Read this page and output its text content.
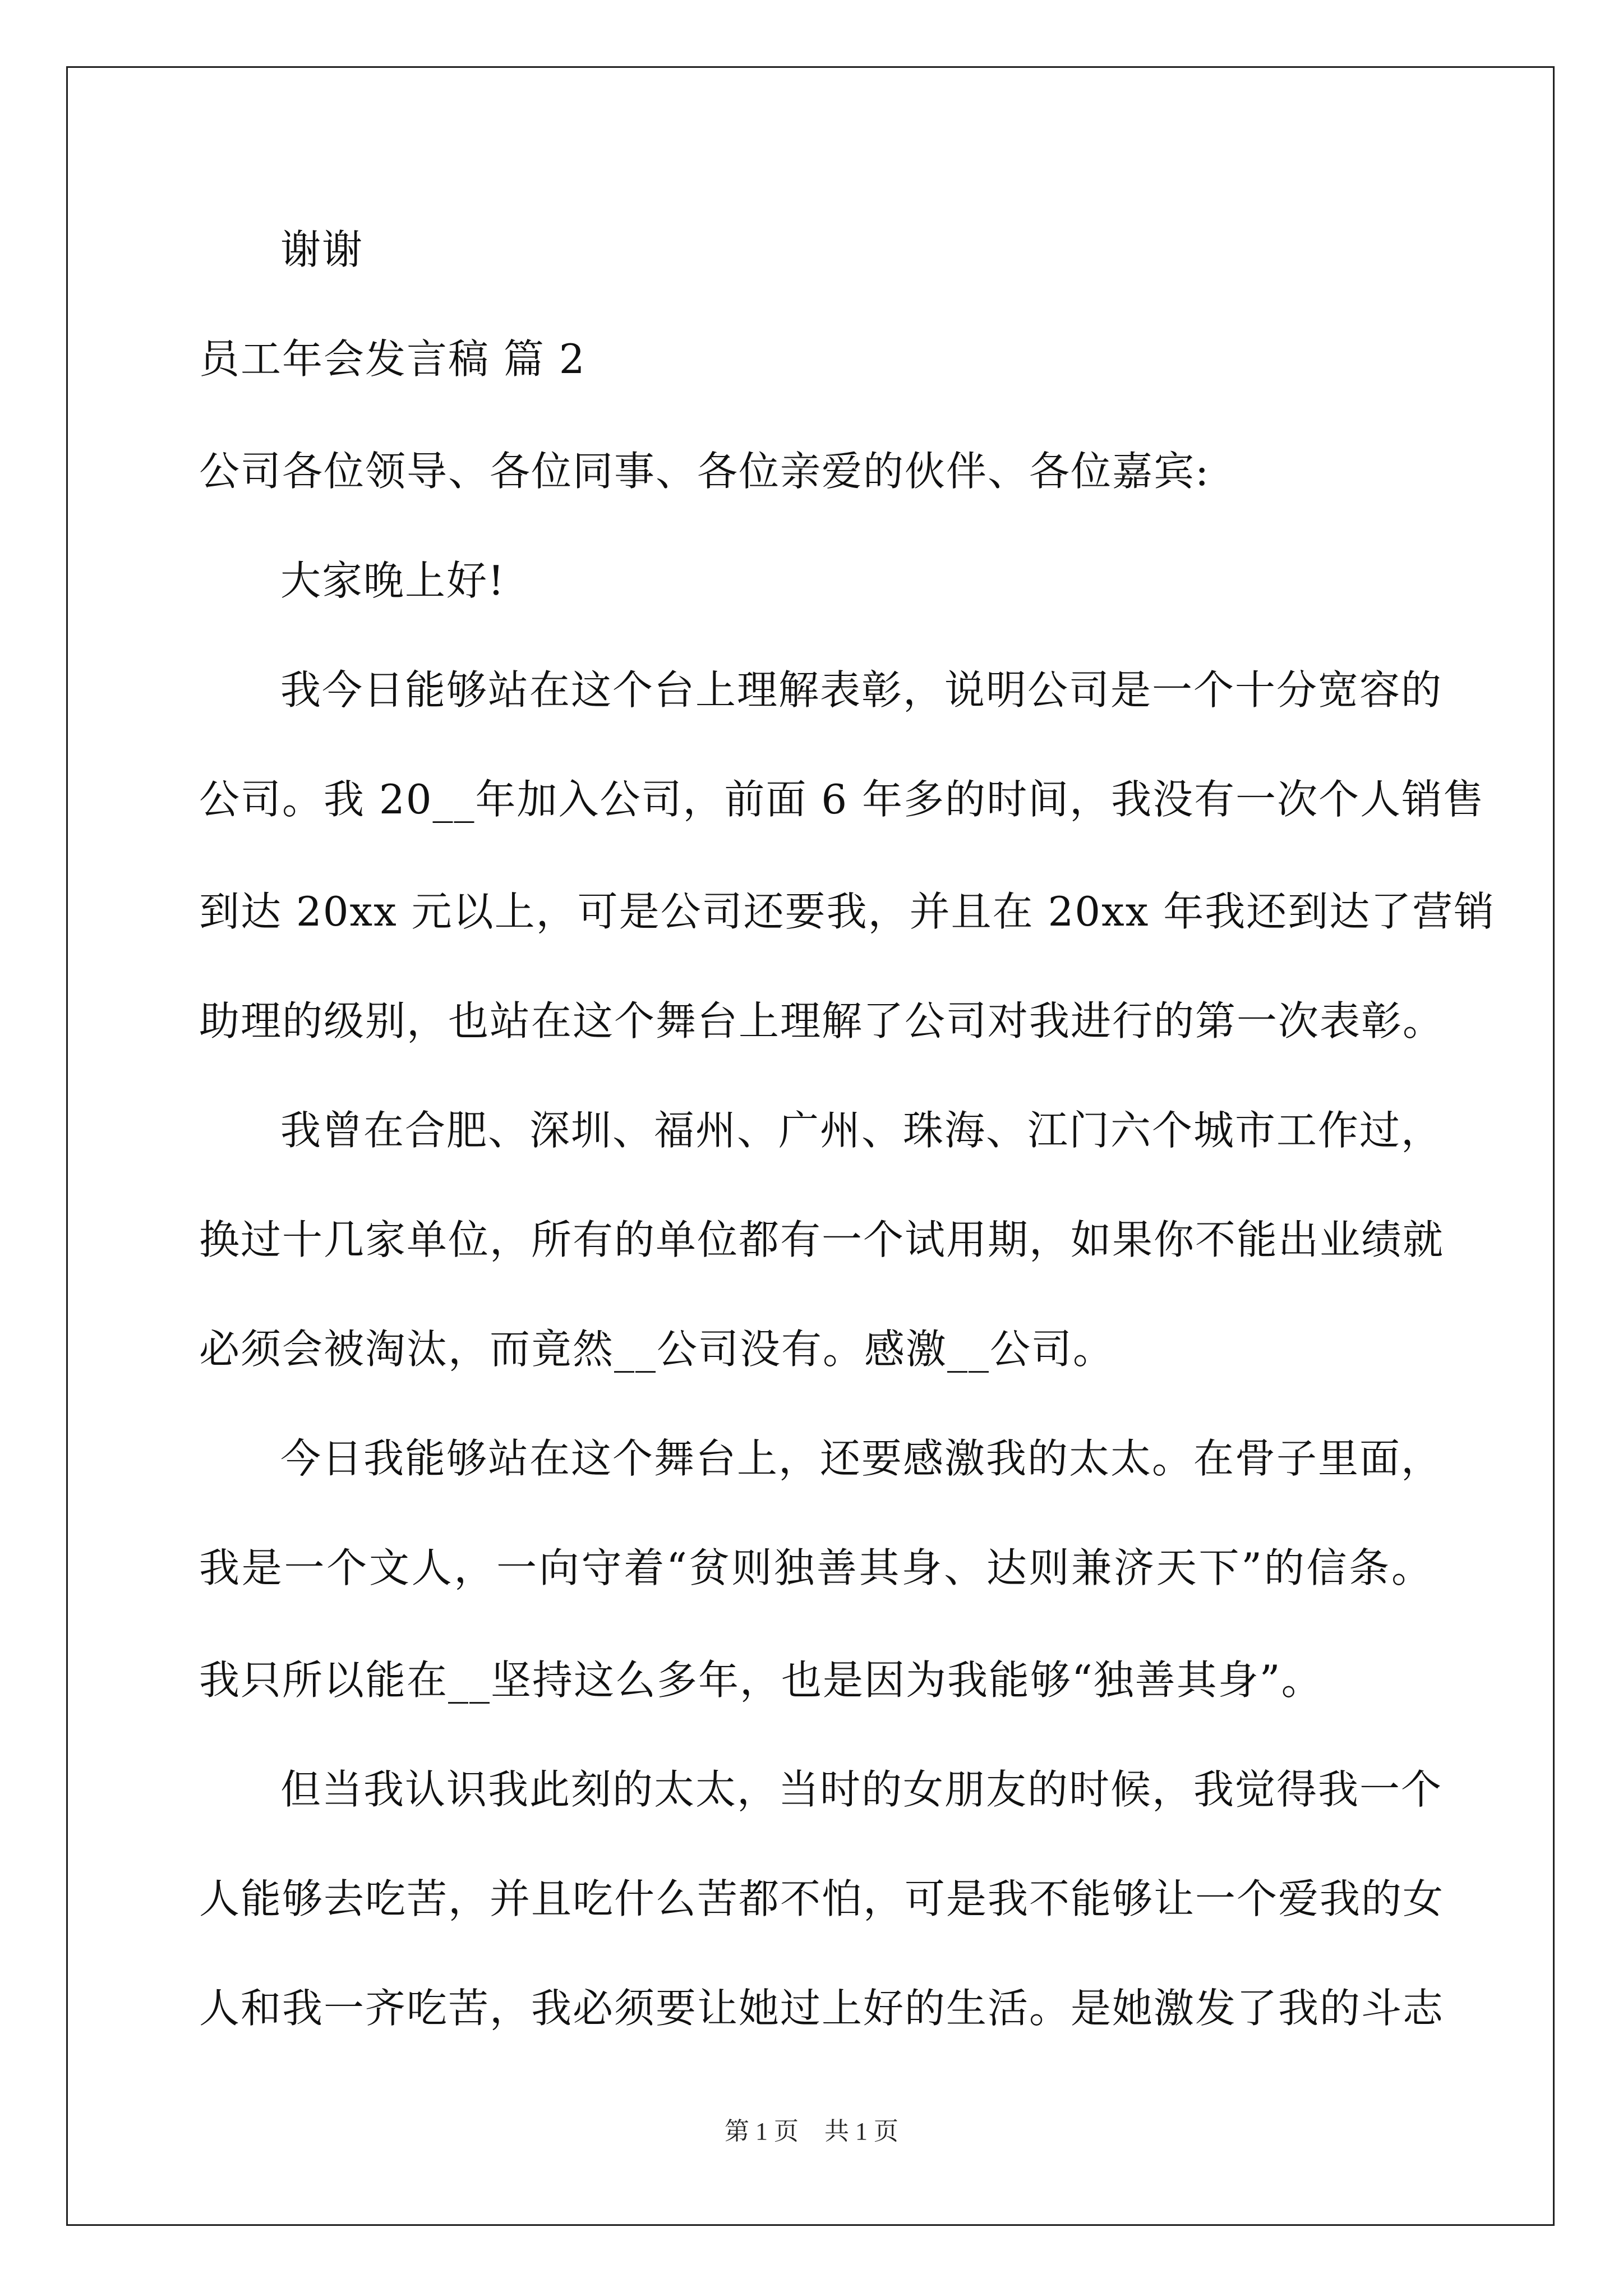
谢谢
员工年会发言稿 篇 2
公司各位领导、各位同事、各位亲爱的伙伴、各位嘉宾:
大家晚上好!
我今日能够站在这个台上理解表彰，说明公司是一个十分宽容的
公司。我 20__年加入公司，前面 6 年多的时间，我没有一次个人销售
到达 20xx 元以上，可是公司还要我，并且在 20xx 年我还到达了营销
助理的级别，也站在这个舞台上理解了公司对我进行的第一次表彰。
我曾在合肥、深圳、福州、广州、珠海、江门六个城市工作过，
换过十几家单位，所有的单位都有一个试用期，如果你不能出业绩就
必须会被淘汰，而竟然__公司没有。感激__公司。
今日我能够站在这个舞台上，还要感激我的太太。在骨子里面，
我是一个文人，一向守着“贫则独善其身、达则兼济天下”的信条。
我只所以能在__坚持这么多年，也是因为我能够“独善其身”。
但当我认识我此刻的太太，当时的女朋友的时候，我觉得我一个
人能够去吃苦，并且吃什么苦都不怕，可是我不能够让一个爱我的女
人和我一齐吃苦，我必须要让她过上好的生活。是她激发了我的斗志
第 1 页 共 1 页
